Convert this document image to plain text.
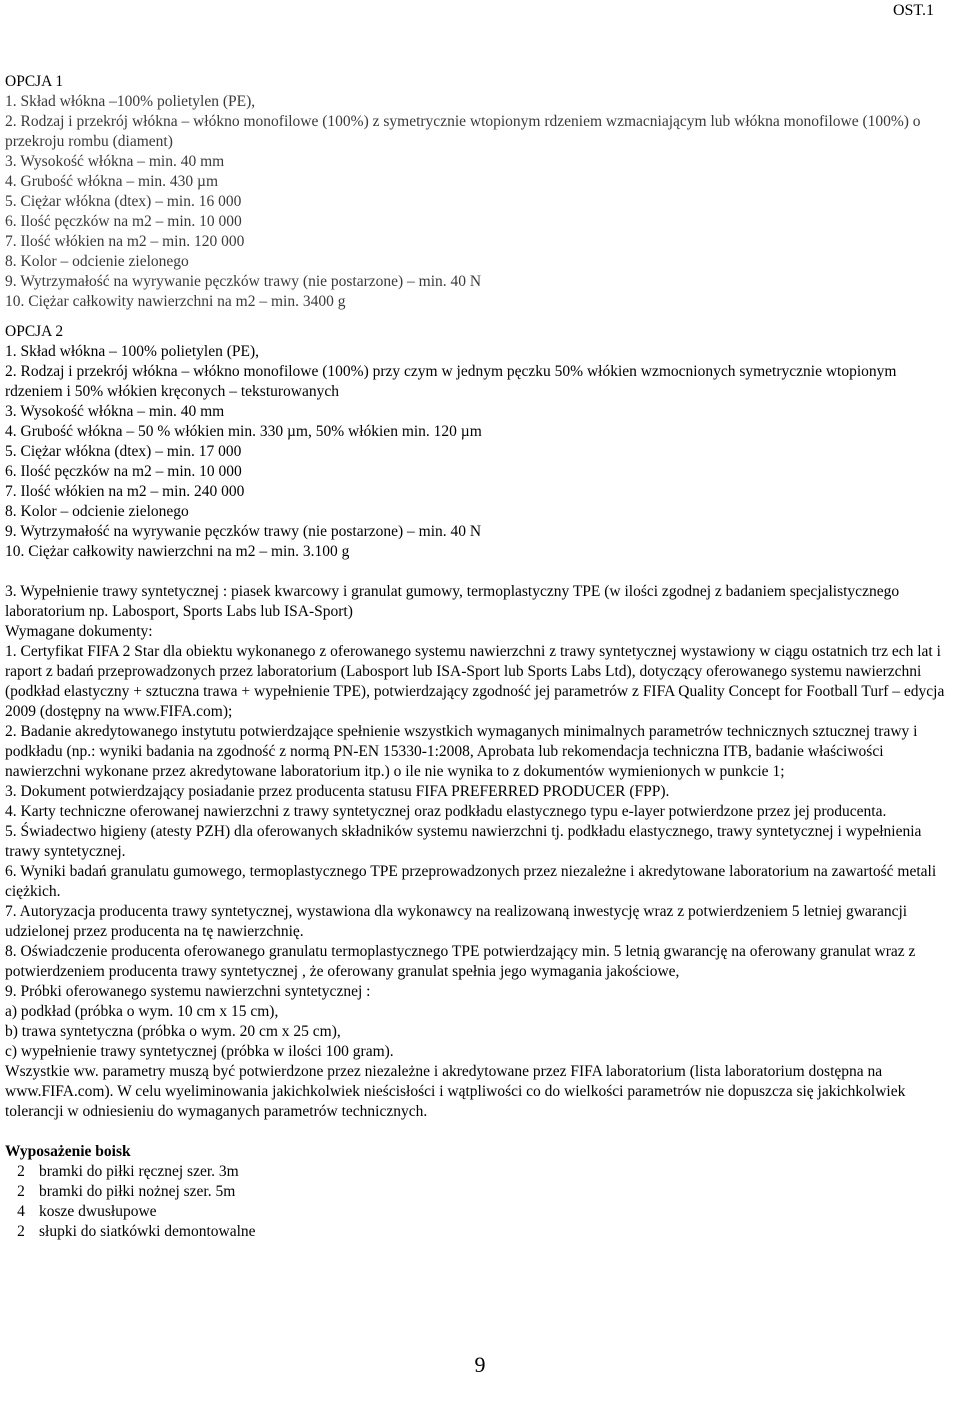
OST.1

OPCJA 1

1. Skład włókna –100% polietylen (PE),

2. Rodzaj i przekrój włókna – włókno monofilowe (100%) z symetrycznie wtopionym rdzeniem wzmacniającym lub włókna monofilowe (100%) o przekroju rombu (diament)

3. Wysokość włókna – min. 40 mm

4. Grubość włókna – min. 430 µm

5. Ciężar włókna (dtex) – min. 16 000

6. Ilość pęczków na m2 – min. 10 000

7. Ilość włókien na m2 – min. 120 000

8. Kolor – odcienie zielonego

9. Wytrzymałość na wyrywanie pęczków trawy (nie postarzone) – min. 40 N

10. Ciężar całkowity nawierzchni na m2 – min. 3400 g

OPCJA 2

1. Skład włókna – 100% polietylen (PE),

2. Rodzaj i przekrój włókna – włókno monofilowe (100%) przy czym w jednym pęczku 50% włókien wzmocnionych symetrycznie wtopionym rdzeniem i 50% włókien kręconych – teksturowanych

3. Wysokość włókna – min. 40 mm

4. Grubość włókna – 50 % włókien min. 330 µm, 50% włókien min. 120 µm

5. Ciężar włókna (dtex) – min. 17 000

6. Ilość pęczków na m2 – min. 10 000

7. Ilość włókien na m2 – min. 240 000

8. Kolor – odcienie zielonego

9. Wytrzymałość na wyrywanie pęczków trawy (nie postarzone) – min. 40 N

10. Ciężar całkowity nawierzchni na m2 – min. 3.100 g

3. Wypełnienie trawy syntetycznej : piasek kwarcowy i granulat gumowy, termoplastyczny TPE (w ilości zgodnej z badaniem specjalistycznego laboratorium np. Labosport, Sports Labs lub ISA-Sport)

Wymagane dokumenty:

1. Certyfikat FIFA 2 Star dla obiektu wykonanego z oferowanego systemu nawierzchni z trawy syntetycznej wystawiony w ciągu ostatnich trz ech lat i raport z badań przeprowadzonych przez laboratorium (Labosport lub ISA-Sport lub Sports Labs Ltd), dotyczący oferowanego systemu nawierzchni (podkład elastyczny + sztuczna trawa + wypełnienie TPE), potwierdzający zgodność jej parametrów z FIFA Quality Concept for Football Turf – edycja 2009 (dostępny na www.FIFA.com);

2. Badanie akredytowanego instytutu potwierdzające spełnienie wszystkich wymaganych minimalnych parametrów technicznych sztucznej trawy i podkładu (np.: wyniki badania na zgodność z normą PN-EN 15330-1:2008, Aprobata lub rekomendacja techniczna ITB, badanie właściwości nawierzchni wykonane przez akredytowane laboratorium itp.) o ile nie wynika to z dokumentów wymienionych w punkcie 1;

3. Dokument potwierdzający posiadanie przez producenta statusu FIFA PREFERRED PRODUCER (FPP).

4. Karty techniczne oferowanej nawierzchni z trawy syntetycznej oraz podkładu elastycznego typu e-layer potwierdzone przez jej producenta.

5. Świadectwo higieny (atesty PZH) dla oferowanych składników systemu nawierzchni tj. podkładu elastycznego, trawy syntetycznej i wypełnienia trawy syntetycznej.

6. Wyniki badań granulatu gumowego, termoplastycznego TPE przeprowadzonych przez niezależne i akredytowane laboratorium na zawartość metali ciężkich.

7. Autoryzacja producenta trawy syntetycznej, wystawiona dla wykonawcy na realizowaną inwestycję wraz z potwierdzeniem 5 letniej gwarancji udzielonej przez producenta na tę nawierzchnię.

8. Oświadczenie producenta oferowanego granulatu termoplastycznego TPE potwierdzający min. 5 letnią gwarancję na oferowany granulat wraz z potwierdzeniem producenta trawy syntetycznej , że oferowany granulat spełnia jego wymagania jakościowe,

9. Próbki oferowanego systemu nawierzchni syntetycznej :

a) podkład (próbka o wym. 10 cm x 15 cm),

b) trawa syntetyczna (próbka o wym. 20 cm x 25 cm),

c) wypełnienie trawy syntetycznej (próbka w ilości 100 gram).

Wszystkie ww. parametry muszą być potwierdzone przez niezależne i akredytowane przez FIFA laboratorium (lista laboratorium dostępna na www.FIFA.com). W celu wyeliminowania jakichkolwiek nieścisłości i wątpliwości co do wielkości parametrów nie dopuszcza się jakichkolwiek tolerancji w odniesieniu do wymaganych parametrów technicznych.

Wyposażenie boisk

2 bramki do piłki ręcznej szer. 3m
2 bramki do piłki nożnej szer. 5m
4 kosze dwusłupowe
2 słupki do siatkówki demontowalne
9
